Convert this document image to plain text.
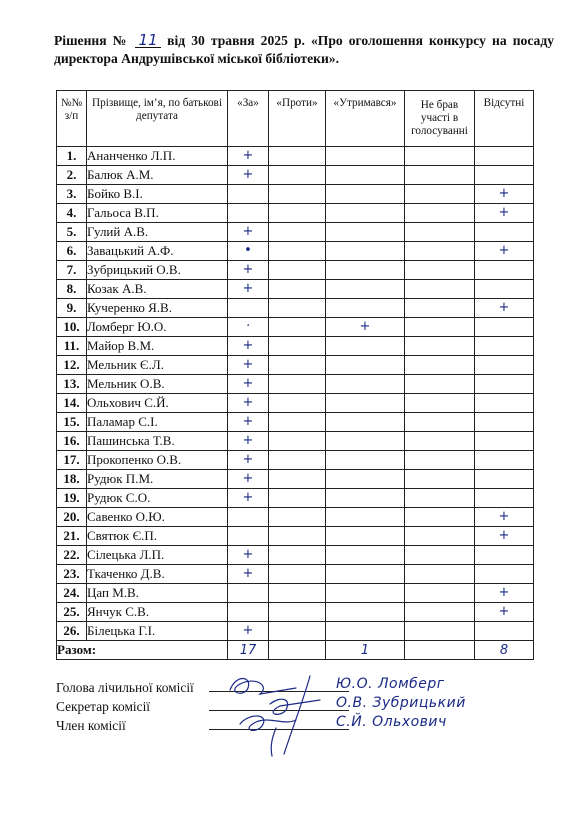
Рішення № 11 від 30 травня 2025 р. «Про оголошення конкурсу на посаду директора Андрушівської міської бібліотеки».
№№ з/п	Прізвище, ім’я, по батькові депутата	«За»	«Проти»	«Утримався»	Не брав участі в голосуванні	Відсутні
1.	Ананченко Л.П.	+				
2.	Балюк А.М.	+				
3.	Бойко В.І.					+
4.	Гальоса В.П.					+
5.	Гулий А.В.	+				
6.	Завацький А.Ф.	•				+
7.	Зубрицький О.В.	+				
8.	Козак А.В.	+				
9.	Кучеренко Я.В.					+
10.	Ломберг Ю.О.	·		+		
11.	Майор В.М.	+				
12.	Мельник Є.Л.	+				
13.	Мельник О.В.	+				
14.	Ольхович С.Й.	+				
15.	Паламар С.І.	+				
16.	Пашинська Т.В.	+				
17.	Прокопенко О.В.	+				
18.	Рудюк П.М.	+				
19.	Рудюк С.О.	+				
20.	Савенко О.Ю.					+
21.	Святюк Є.П.					+
22.	Сілецька Л.П.	+				
23.	Ткаченко Д.В.	+				
24.	Цап М.В.					+
25.	Янчук С.В.					+
26.	Білецька Г.І.	+				
Разом:		17		1		8
Голова лічильної комісії	Ю.О. Ломберг
Секретар комісії	О.В. Зубрицький
Член комісії	С.Й. Ольхович
